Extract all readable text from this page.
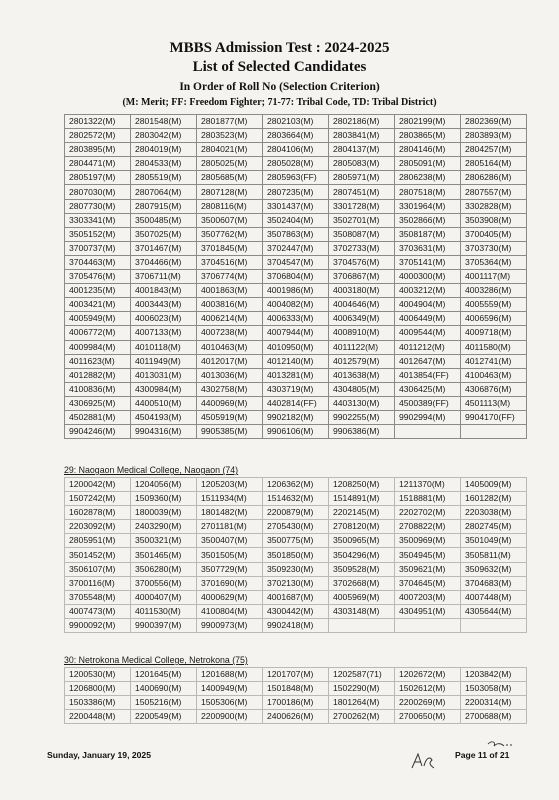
MBBS Admission Test : 2024-2025
List of Selected Candidates
In Order of Roll No (Selection Criterion)
(M: Merit; FF: Freedom Fighter; 71-77: Tribal Code, TD: Tribal District)
2801322(M)	2801548(M)	2801877(M)	2802103(M)	2802186(M)	2802199(M)	2802369(M)
2802572(M)	2803042(M)	2803523(M)	2803664(M)	2803841(M)	2803865(M)	2803893(M)
2803895(M)	2804019(M)	2804021(M)	2804106(M)	2804137(M)	2804146(M)	2804257(M)
2804471(M)	2804533(M)	2805025(M)	2805028(M)	2805083(M)	2805091(M)	2805164(M)
2805197(M)	2805519(M)	2805685(M)	2805963(FF)	2805971(M)	2806238(M)	2806286(M)
2807030(M)	2807064(M)	2807128(M)	2807235(M)	2807451(M)	2807518(M)	2807557(M)
2807730(M)	2807915(M)	2808116(M)	3301437(M)	3301728(M)	3301964(M)	3302828(M)
3303341(M)	3500485(M)	3500607(M)	3502404(M)	3502701(M)	3502866(M)	3503908(M)
3505152(M)	3507025(M)	3507762(M)	3507863(M)	3508087(M)	3508187(M)	3700405(M)
3700737(M)	3701467(M)	3701845(M)	3702447(M)	3702733(M)	3703631(M)	3703730(M)
3704463(M)	3704466(M)	3704516(M)	3704547(M)	3704576(M)	3705141(M)	3705364(M)
3705476(M)	3706711(M)	3706774(M)	3706804(M)	3706867(M)	4000300(M)	4001117(M)
4001235(M)	4001843(M)	4001863(M)	4001986(M)	4003180(M)	4003212(M)	4003286(M)
4003421(M)	4003443(M)	4003816(M)	4004082(M)	4004646(M)	4004904(M)	4005559(M)
4005949(M)	4006023(M)	4006214(M)	4006333(M)	4006349(M)	4006449(M)	4006596(M)
4006772(M)	4007133(M)	4007238(M)	4007944(M)	4008910(M)	4009544(M)	4009718(M)
4009984(M)	4010118(M)	4010463(M)	4010950(M)	4011122(M)	4011212(M)	4011580(M)
4011623(M)	4011949(M)	4012017(M)	4012140(M)	4012579(M)	4012647(M)	4012741(M)
4012882(M)	4013031(M)	4013036(M)	4013281(M)	4013638(M)	4013854(FF)	4100463(M)
4100836(M)	4300984(M)	4302758(M)	4303719(M)	4304805(M)	4306425(M)	4306876(M)
4306925(M)	4400510(M)	4400969(M)	4402814(FF)	4403130(M)	4500389(FF)	4501113(M)
4502881(M)	4504193(M)	4505919(M)	9902182(M)	9902255(M)	9902994(M)	9904170(FF)
9904246(M)	9904316(M)	9905385(M)	9906106(M)	9906386(M)		
29: Naogaon Medical College, Naogaon (74)
1200042(M)	1204056(M)	1205203(M)	1206362(M)	1208250(M)	1211370(M)	1405009(M)
1507242(M)	1509360(M)	1511934(M)	1514632(M)	1514891(M)	1518881(M)	1601282(M)
1602878(M)	1800039(M)	1801482(M)	2200879(M)	2202145(M)	2202702(M)	2203038(M)
2203092(M)	2403290(M)	2701181(M)	2705430(M)	2708120(M)	2708822(M)	2802745(M)
2805951(M)	3500321(M)	3500407(M)	3500775(M)	3500965(M)	3500969(M)	3501049(M)
3501452(M)	3501465(M)	3501505(M)	3501850(M)	3504296(M)	3504945(M)	3505811(M)
3506107(M)	3506280(M)	3507729(M)	3509230(M)	3509528(M)	3509621(M)	3509632(M)
3700116(M)	3700556(M)	3701690(M)	3702130(M)	3702668(M)	3704645(M)	3704683(M)
3705548(M)	4000407(M)	4000629(M)	4001687(M)	4005969(M)	4007203(M)	4007448(M)
4007473(M)	4011530(M)	4100804(M)	4300442(M)	4303148(M)	4304951(M)	4305644(M)
9900092(M)	9900397(M)	9900973(M)	9902418(M)			
30: Netrokona Medical College, Netrokona (75)
1200530(M)	1201645(M)	1201688(M)	1201707(M)	1202587(71)	1202672(M)	1203842(M)
1206800(M)	1400690(M)	1400949(M)	1501848(M)	1502290(M)	1502612(M)	1503058(M)
1503386(M)	1505216(M)	1505306(M)	1700186(M)	1801264(M)	2200269(M)	2200314(M)
2200448(M)	2200549(M)	2200900(M)	2400626(M)	2700262(M)	2700650(M)	2700688(M)
Sunday, January 19, 2025	Page 11 of 21
